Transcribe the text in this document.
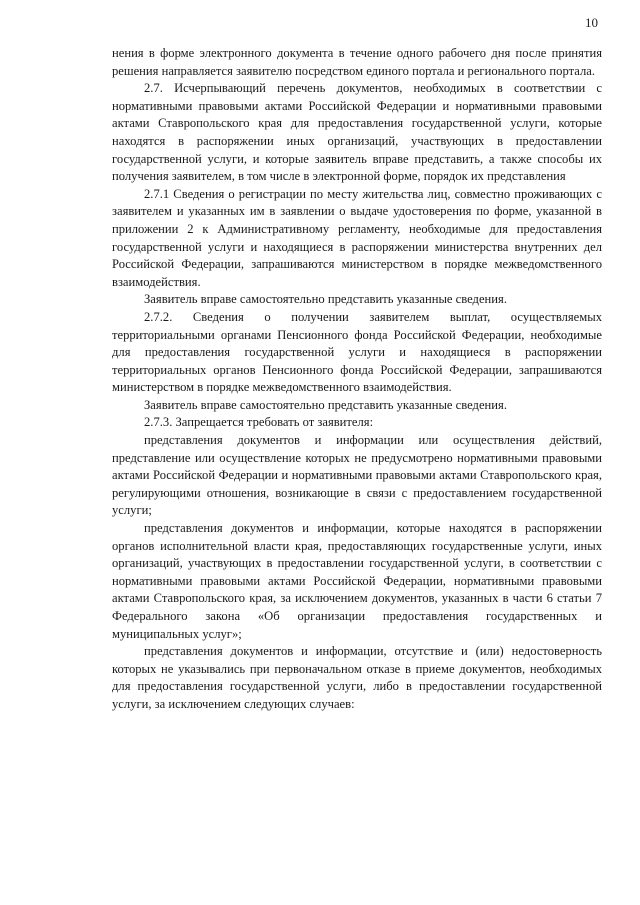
10

нения в форме электронного документа в течение одного рабочего дня после принятия решения направляется заявителю посредством единого портала и регионального портала.

2.7. Исчерпывающий перечень документов, необходимых в соответствии с нормативными правовыми актами Российской Федерации и нормативными правовыми актами Ставропольского края для предоставления государственной услуги, которые находятся в распоряжении иных организаций, участвующих в предоставлении государственной услуги, и которые заявитель вправе представить, а также способы их получения заявителем, в том числе в электронной форме, порядок их представления

2.7.1 Сведения о регистрации по месту жительства лиц, совместно проживающих с заявителем и указанных им в заявлении о выдаче удостоверения по форме, указанной в приложении 2 к Административному регламенту, необходимые для предоставления государственной услуги и находящиеся в распоряжении министерства внутренних дел Российской Федерации, запрашиваются министерством в порядке межведомственного взаимодействия.

Заявитель вправе самостоятельно представить указанные сведения.

2.7.2. Сведения о получении заявителем выплат, осуществляемых территориальными органами Пенсионного фонда Российской Федерации, необходимые для предоставления государственной услуги и находящиеся в распоряжении территориальных органов Пенсионного фонда Российской Федерации, запрашиваются министерством в порядке межведомственного взаимодействия.

Заявитель вправе самостоятельно представить указанные сведения.

2.7.3. Запрещается требовать от заявителя:

представления документов и информации или осуществления действий, представление или осуществление которых не предусмотрено нормативными правовыми актами Российской Федерации и нормативными правовыми актами Ставропольского края, регулирующими отношения, возникающие в связи с предоставлением государственной услуги;

представления документов и информации, которые находятся в распоряжении органов исполнительной власти края, предоставляющих государственные услуги, иных организаций, участвующих в предоставлении государственной услуги, в соответствии с нормативными правовыми актами Российской Федерации, нормативными правовыми актами Ставропольского края, за исключением документов, указанных в части 6 статьи 7 Федерального закона «Об организации предоставления государственных и муниципальных услуг»;

представления документов и информации, отсутствие и (или) недостоверность которых не указывались при первоначальном отказе в приеме документов, необходимых для предоставления государственной услуги, либо в предоставлении государственной услуги, за исключением следующих случаев:
